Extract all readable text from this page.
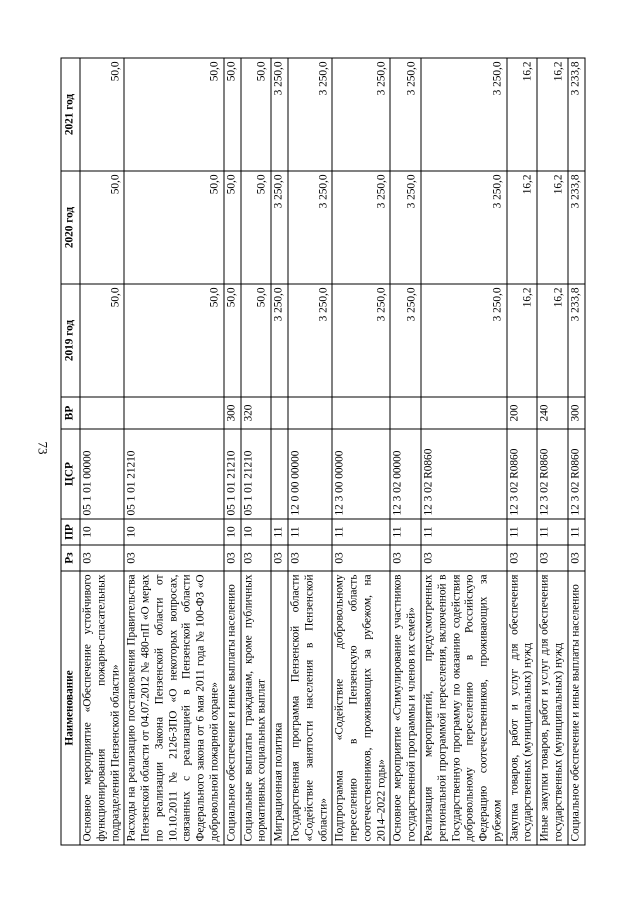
73
Наименование	Рз	ПР	ЦСР	ВР	2019 год	2020 год	2021 год
Основное мероприятие «Обеспечение устойчивого функционирования пожарно-спасательных подразделений Пензенской области»	03	10	05 1 01 00000		50,0	50,0	50,0
Расходы на реализацию постановления Правительства Пензенской области от 04.07.2012 № 480-пП «О мерах по реализации Закона Пензенской области от 10.10.2011 № 2126-ЗПО «О некоторых вопросах, связанных с реализацией в Пензенской области Федерального закона от 6 мая 2011 года № 100-ФЗ «О добровольной пожарной охране»	03	10	05 1 01 21210		50,0	50,0	50,0
Социальное обеспечение и иные выплаты населению	03	10	05 1 01 21210	300	50,0	50,0	50,0
Социальные выплаты гражданам, кроме публичных нормативных социальных выплат	03	10	05 1 01 21210	320	50,0	50,0	50,0
Миграционная политика	03	11			3 250,0	3 250,0	3 250,0
Государственная программа Пензенской области «Содействие занятости населения в Пензенской области»	03	11	12 0 00 00000		3 250,0	3 250,0	3 250,0
Подпрограмма «Содействие добровольному переселению в Пензенскую область соотечественников, проживающих за рубежом, на 2014–2022 годы»	03	11	12 3 00 00000		3 250,0	3 250,0	3 250,0
Основное мероприятие «Стимулирование участников государственной программы и членов их семей»	03	11	12 3 02 00000		3 250,0	3 250,0	3 250,0
Реализация мероприятий, предусмотренных региональной программой переселения, включенной в Государственную программу по оказанию содействия добровольному переселению в Российскую Федерацию соотечественников, проживающих за рубежом	03	11	12 3 02 R0860		3 250,0	3 250,0	3 250,0
Закупка товаров, работ и услуг для обеспечения государственных (муниципальных) нужд	03	11	12 3 02 R0860	200	16,2	16,2	16,2
Иные закупки товаров, работ и услуг для обеспечения государственных (муниципальных) нужд	03	11	12 3 02 R0860	240	16,2	16,2	16,2
Социальное обеспечение и иные выплаты населению	03	11	12 3 02 R0860	300	3 233,8	3 233,8	3 233,8
